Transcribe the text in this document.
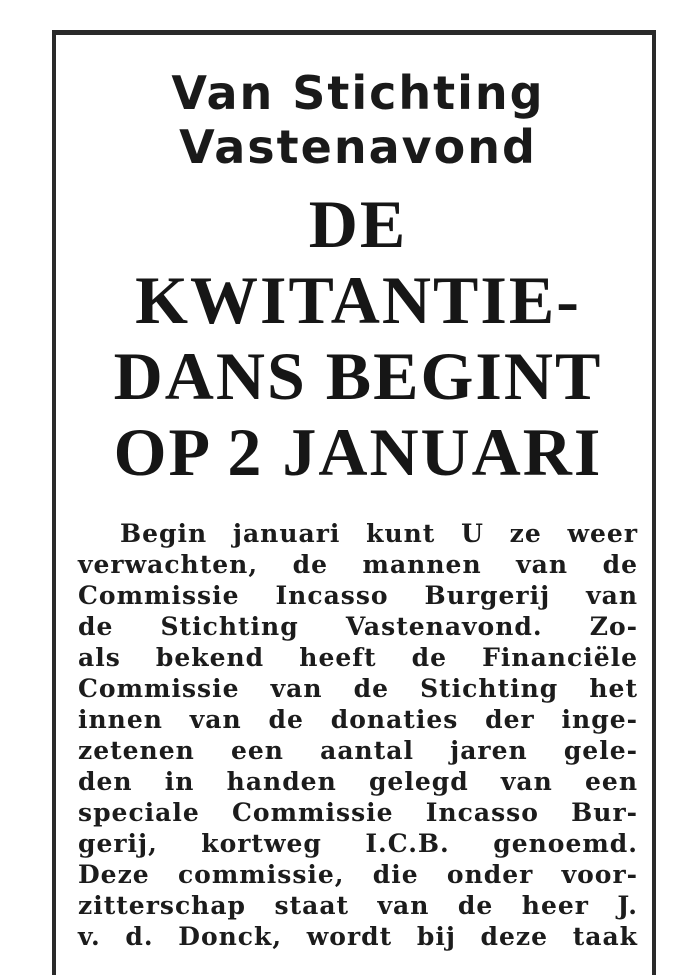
Van Stichting
Vastenavond
DE KWITANTIE-
DANS BEGINT
OP 2 JANUARI
Begin januari kunt U ze weer
verwachten, de mannen van de
Commissie Incasso Burgerij van
de Stichting Vastenavond. Zo-
als bekend heeft de Financiële
Commissie van de Stichting het
innen van de donaties der inge-
zetenen een aantal jaren gele-
den in handen gelegd van een
speciale Commissie Incasso Bur-
gerij, kortweg I.C.B. genoemd.
Deze commissie, die onder voor-
zitterschap staat van de heer J.
v. d. Donck, wordt bij deze taak
